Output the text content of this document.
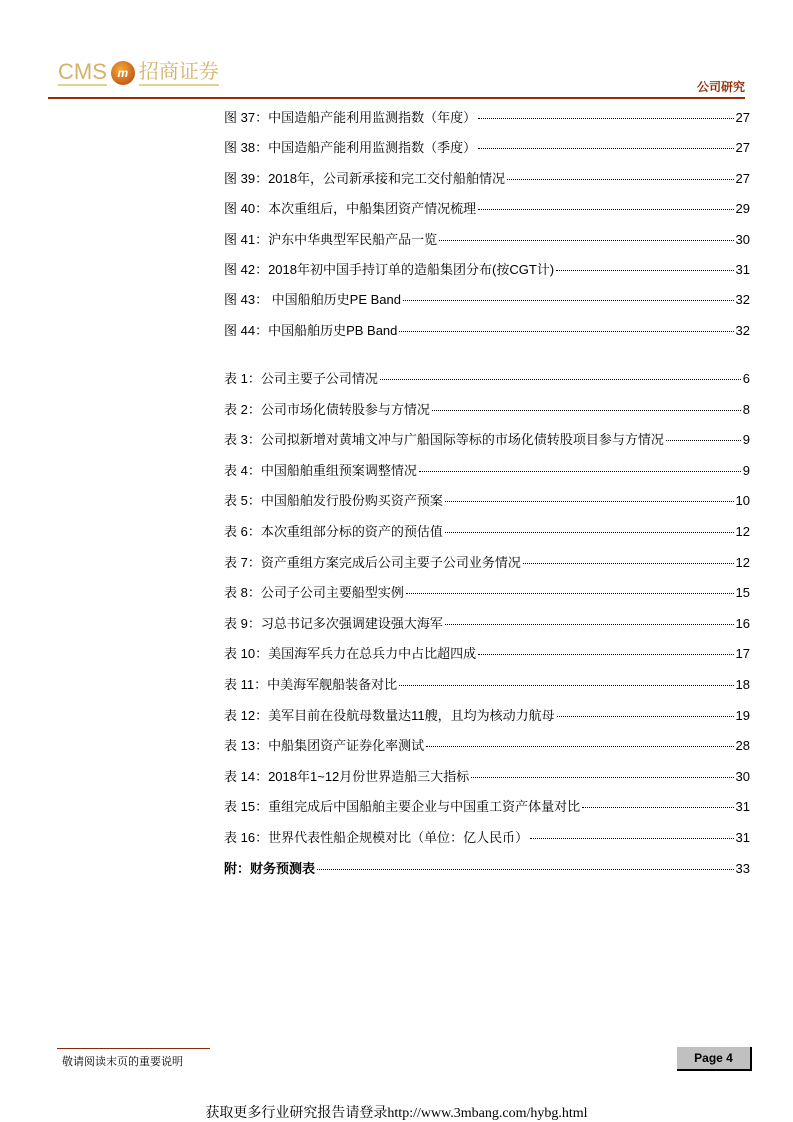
CMS m 招商证券
公司研究
图 37：中国造船产能利用监测指数（年度）	27
图 38：中国造船产能利用监测指数（季度）	27
图 39：2018年，公司新承接和完工交付船舶情况	27
图 40：本次重组后，中船集团资产情况梳理	29
图 41：沪东中华典型军民船产品一览	30
图 42：2018年初中国手持订单的造船集团分布(按CGT计)	31
图 43： 中国船舶历史PE Band	32
图 44：中国船舶历史PB Band	32
表 1：公司主要子公司情况	6
表 2：公司市场化债转股参与方情况	8
表 3：公司拟新增对黄埔文冲与广船国际等标的市场化债转股项目参与方情况	9
表 4：中国船舶重组预案调整情况	9
表 5：中国船舶发行股份购买资产预案	10
表 6：本次重组部分标的资产的预估值	12
表 7：资产重组方案完成后公司主要子公司业务情况	12
表 8：公司子公司主要船型实例	15
表 9：习总书记多次强调建设强大海军	16
表 10：美国海军兵力在总兵力中占比超四成	17
表 11：中美海军舰船装备对比	18
表 12：美军目前在役航母数量达11艘，且均为核动力航母	19
表 13：中船集团资产证券化率测试	28
表 14：2018年1~12月份世界造船三大指标	30
表 15：重组完成后中国船舶主要企业与中国重工资产体量对比	31
表 16：世界代表性船企规模对比（单位：亿人民币）	31
附：财务预测表	33
敬请阅读末页的重要说明	Page 4
获取更多行业研究报告请登录http://www.3mbang.com/hybg.html
